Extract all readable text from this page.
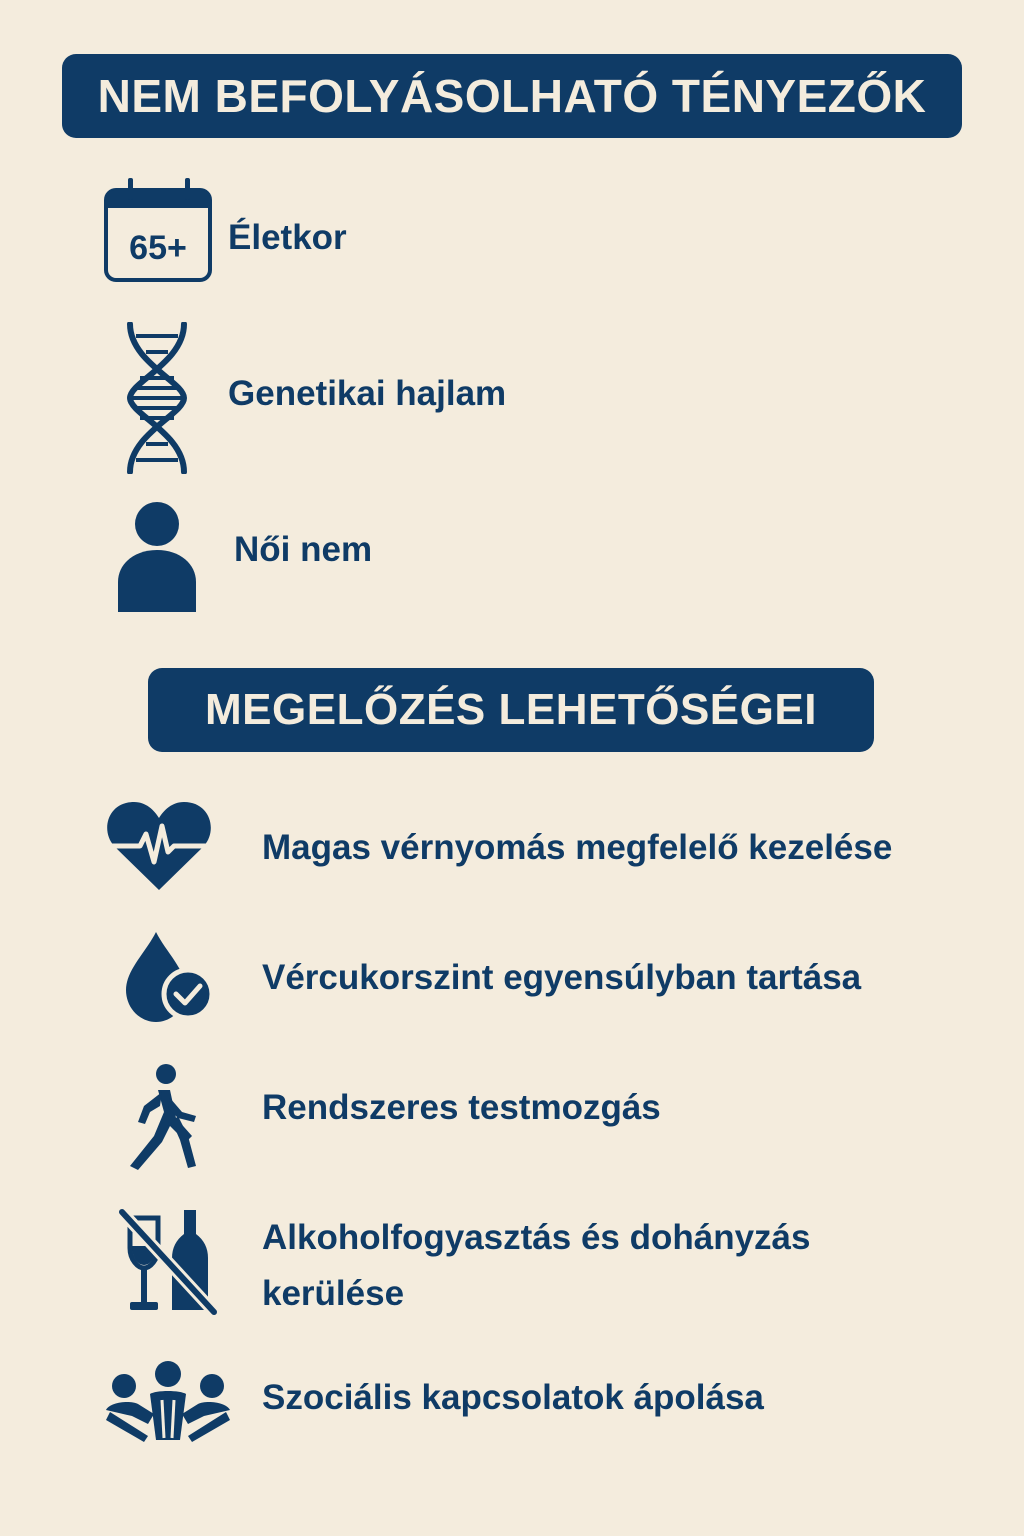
NEM BEFOLYÁSOLHATÓ TÉNYEZŐK
65+ Életkor
Genetikai hajlam
Női nem
MEGELŐZÉS LEHETŐSÉGEI
Magas vérnyomás megfelelő kezelése
Vércukorszint egyensúlyban tartása
Rendszeres testmozgás
Alkoholfogyasztás és dohányzás kerülése
Szociális kapcsolatok ápolása
